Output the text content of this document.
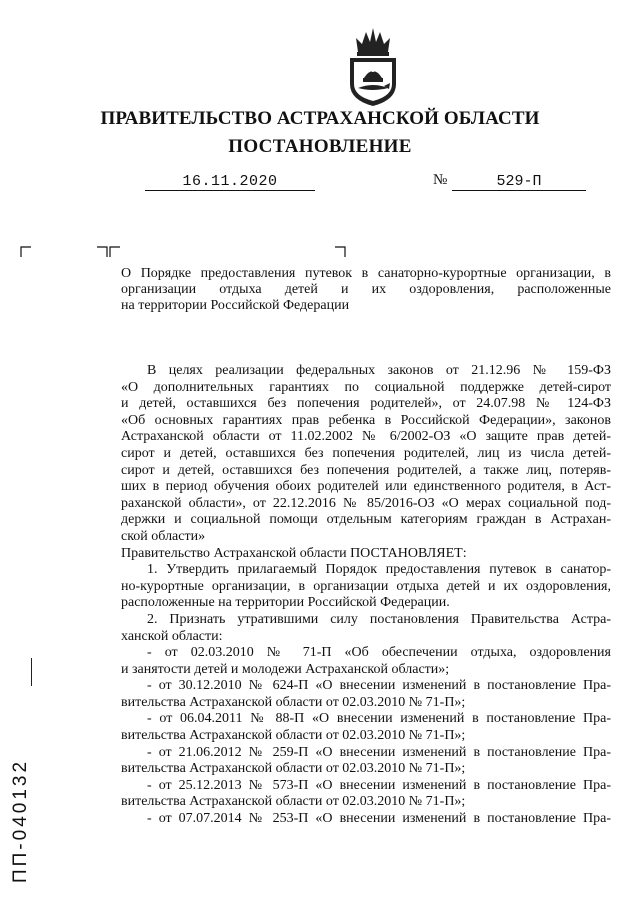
ПРАВИТЕЛЬСТВО АСТРАХАНСКОЙ ОБЛАСТИ
ПОСТАНОВЛЕНИЕ
16.11.2020	№	529-П
О Порядке предоставления путевок в санаторно-курортные организации, в
организации отдыха детей и их оздоровления, расположенные
на территории Российской Федерации
В целях реализации федеральных законов от 21.12.96 № 159-ФЗ
«О дополнительных гарантиях по социальной поддержке детей-сирот
и детей, оставшихся без попечения родителей», от 24.07.98 № 124-ФЗ
«Об основных гарантиях прав ребенка в Российской Федерации», законов
Астраханской области от 11.02.2002 № 6/2002-ОЗ «О защите прав детей-
сирот и детей, оставшихся без попечения родителей, лиц из числа детей-
сирот и детей, оставшихся без попечения родителей, а также лиц, потеряв-
ших в период обучения обоих родителей или единственного родителя, в Аст-
раханской области», от 22.12.2016 № 85/2016-ОЗ «О мерах социальной под-
держки и социальной помощи отдельным категориям граждан в Астрахан-
ской области»
Правительство Астраханской области ПОСТАНОВЛЯЕТ:
1. Утвердить прилагаемый Порядок предоставления путевок в санатор-
но-курортные организации, в организации отдыха детей и их оздоровления,
расположенные на территории Российской Федерации.
2. Признать утратившими силу постановления Правительства Астра-
ханской области:
- от 02.03.2010 № 71-П «Об обеспечении отдыха, оздоровления
и занятости детей и молодежи Астраханской области»;
- от 30.12.2010 № 624-П «О внесении изменений в постановление Пра-
вительства Астраханской области от 02.03.2010 № 71-П»;
- от 06.04.2011 № 88-П «О внесении изменений в постановление Пра-
вительства Астраханской области от 02.03.2010 № 71-П»;
- от 21.06.2012 № 259-П «О внесении изменений в постановление Пра-
вительства Астраханской области от 02.03.2010 № 71-П»;
- от 25.12.2013 № 573-П «О внесении изменений в постановление Пра-
вительства Астраханской области от 02.03.2010 № 71-П»;
- от 07.07.2014 № 253-П «О внесении изменений в постановление Пра-
ПП-040132
